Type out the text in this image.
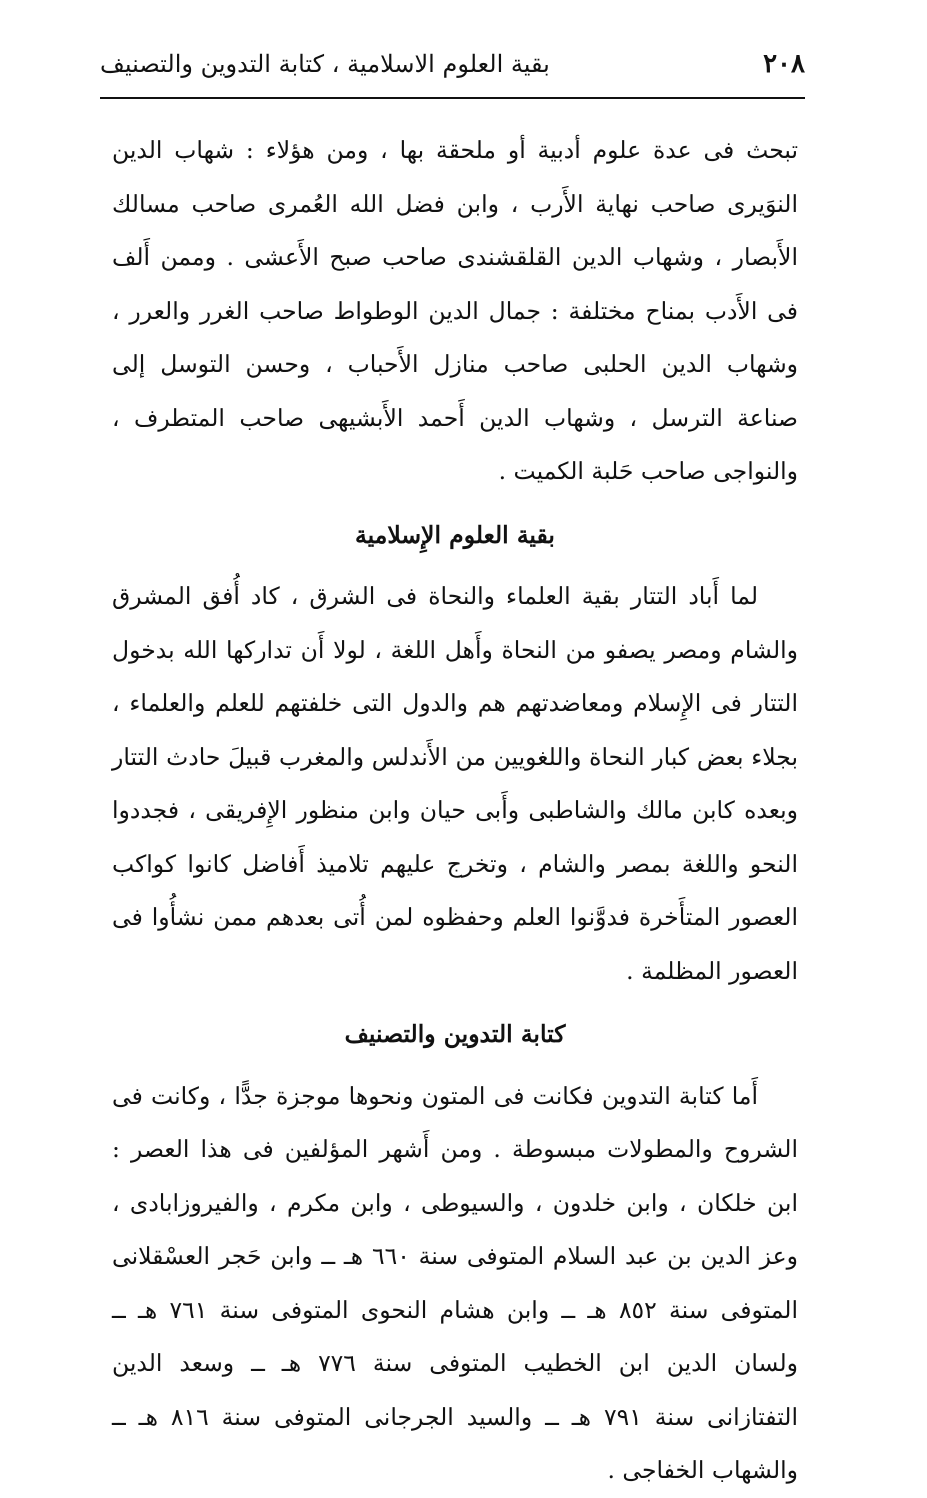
٢٠٨
بقية العلوم الاسلامية ، كتابة التدوين والتصنيف

تبحث فى عدة علوم أدبية أو ملحقة بها ، ومن هؤلاء : شهاب الدين النوَيرى صاحب نهاية الأَرب ، وابن فضل الله العُمرى صاحب مسالك الأَبصار ، وشهاب الدين القلقشندى صاحب صبح الأَعشى . وممن أَلف فى الأَدب بمناح مختلفة : جمال الدين الوطواط صاحب الغرر والعرر ، وشهاب الدين الحلبى صاحب منازل الأَحباب ، وحسن التوسل إلى صناعة الترسل ، وشهاب الدين أَحمد الأَبشيهى صاحب المتطرف ، والنواجى صاحب حَلبة الكميت .

بقية العلوم الإِسلامية

لما أَباد التتار بقية العلماء والنحاة فى الشرق ، كاد أُفق المشرق والشام ومصر يصفو من النحاة وأَهل اللغة ، لولا أَن تداركها الله بدخول التتار فى الإِسلام ومعاضدتهم هم والدول التى خلفتهم للعلم والعلماء ، بجلاء بعض كبار النحاة واللغويين من الأَندلس والمغرب قبيلَ حادث التتار وبعده كابن مالك والشاطبى وأَبى حيان وابن منظور الإِفريقى ، فجددوا النحو واللغة بمصر والشام ، وتخرج عليهم تلاميذ أَفاضل كانوا كواكب العصور المتأَخرة فدوَّنوا العلم وحفظوه لمن أُتى بعدهم ممن نشأُوا فى العصور المظلمة .

كتابة التدوين والتصنيف

أَما كتابة التدوين فكانت فى المتون ونحوها موجزة جدًّا ، وكانت فى الشروح والمطولات مبسوطة . ومن أَشهر المؤلفين فى هذا العصر : ابن خلكان ، وابن خلدون ، والسيوطى ، وابن مكرم ، والفيروزابادى ، وعز الدين بن عبد السلام المتوفى سنة ٦٦٠ هـ ــ وابن حَجر العسْقلانى المتوفى سنة ٨٥٢ هـ ــ وابن هشام النحوى المتوفى سنة ٧٦١ هـ ــ ولسان الدين ابن الخطيب المتوفى سنة ٧٧٦ هـ ــ وسعد الدين التفتازانى سنة ٧٩١ هـ ــ والسيد الجرجانى المتوفى سنة ٨١٦ هـ ــ والشهاب الخفاجى .
